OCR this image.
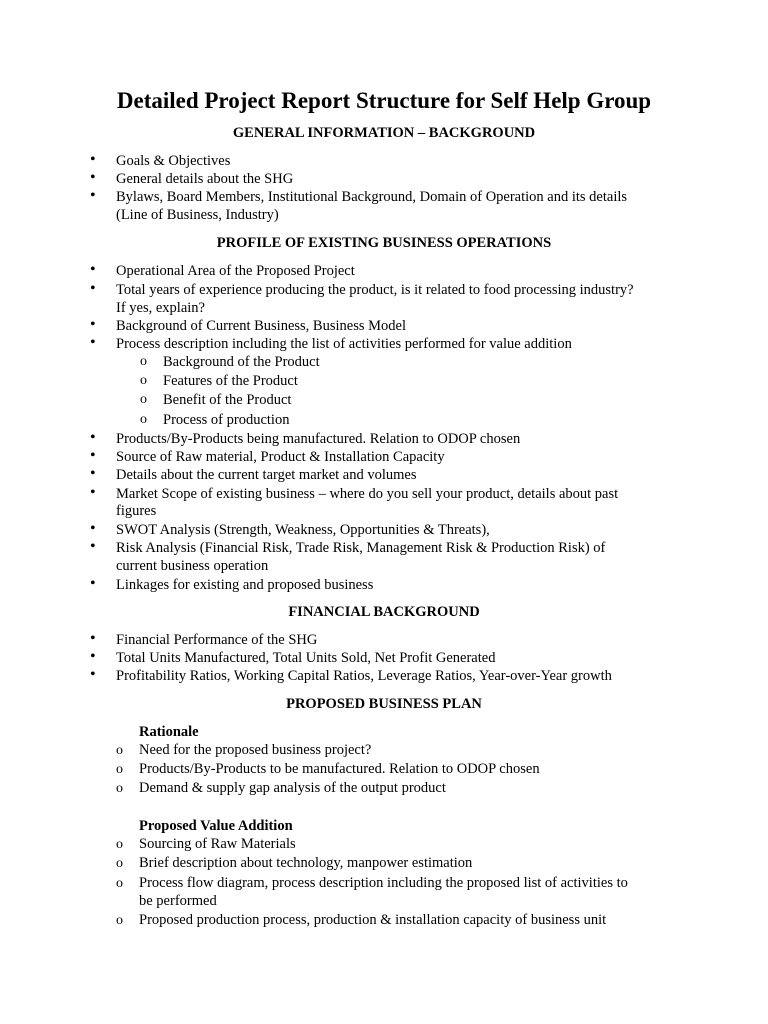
Detailed Project Report Structure for Self Help Group
GENERAL INFORMATION – BACKGROUND
• Goals & Objectives
• General details about the SHG
• Bylaws, Board Members, Institutional Background, Domain of Operation and its details
(Line of Business, Industry)
PROFILE OF EXISTING BUSINESS OPERATIONS
• Operational Area of the Proposed Project
• Total years of experience producing the product, is it related to food processing industry?
If yes, explain?
• Background of Current Business, Business Model
• Process description including the list of activities performed for value addition
o Background of the Product
o Features of the Product
o Benefit of the Product
o Process of production
• Products/By-Products being manufactured. Relation to ODOP chosen
• Source of Raw material, Product & Installation Capacity
• Details about the current target market and volumes
• Market Scope of existing business – where do you sell your product, details about past
figures
• SWOT Analysis (Strength, Weakness, Opportunities & Threats),
• Risk Analysis (Financial Risk, Trade Risk, Management Risk & Production Risk) of
current business operation
• Linkages for existing and proposed business
FINANCIAL BACKGROUND
• Financial Performance of the SHG
• Total Units Manufactured, Total Units Sold, Net Profit Generated
• Profitability Ratios, Working Capital Ratios, Leverage Ratios, Year-over-Year growth
PROPOSED BUSINESS PLAN
Rationale
o Need for the proposed business project?
o Products/By-Products to be manufactured. Relation to ODOP chosen
o Demand & supply gap analysis of the output product
Proposed Value Addition
o Sourcing of Raw Materials
o Brief description about technology, manpower estimation
o Process flow diagram, process description including the proposed list of activities to
be performed
o Proposed production process, production & installation capacity of business unit
